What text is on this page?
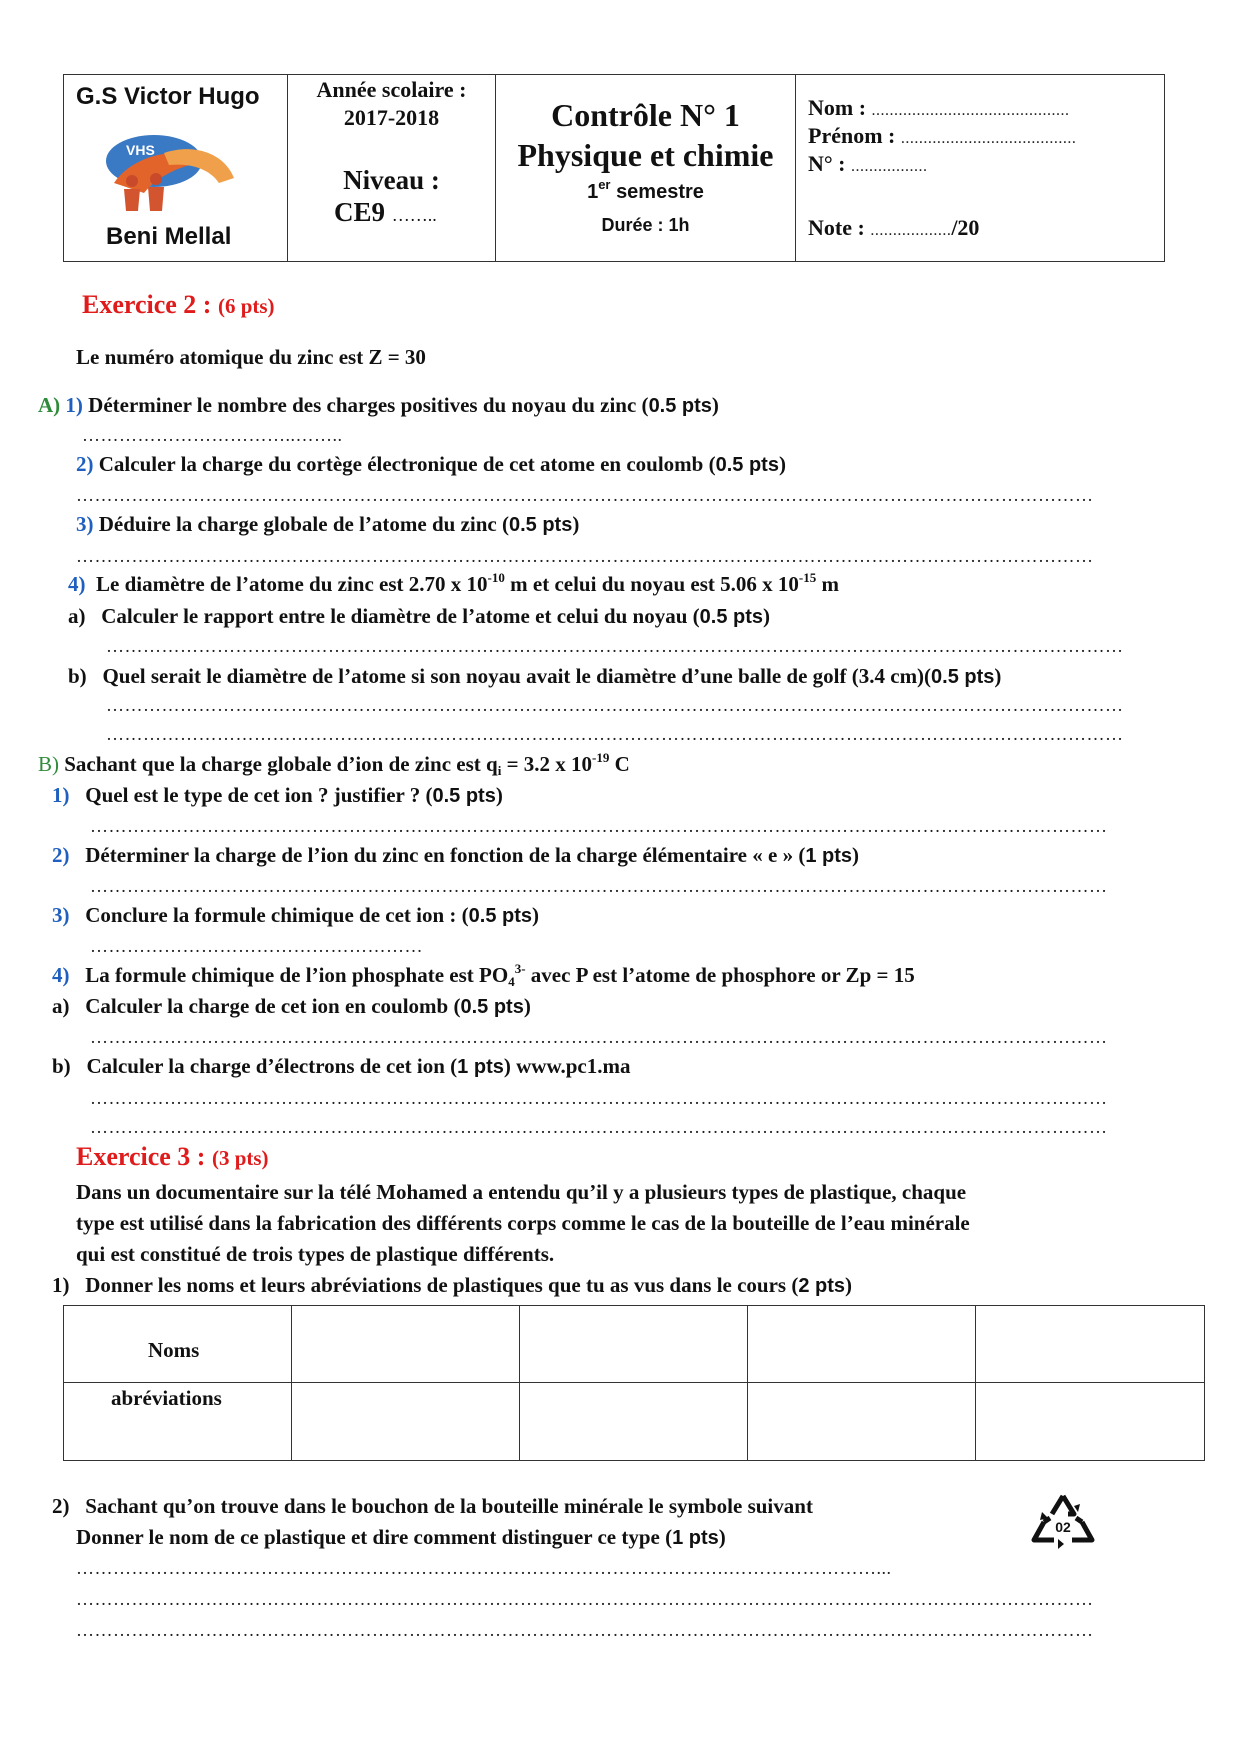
G.S Victor Hugo
VHS
Beni Mellal
Année scolaire :
2017-2018
Niveau :
CE9 ……..
Contrôle N° 1
Physique et chimie
1er semestre
Durée : 1h
Nom : ............................................
Prénom : .......................................
N° : .................
Note : ................../20
Exercice 2 : (6 pts)
Le numéro atomique du zinc est Z = 30
A) 1) Déterminer le nombre des charges positives du noyau du zinc (0.5 pts)
……………………………..……..
2) Calculer la charge du cortège électronique de cet atome en coulomb (0.5 pts)
…………………………………………………………………………………………………………………………………………………
3) Déduire la charge globale de l’atome du zinc (0.5 pts)
…………………………………………………………………………………………………………………………………………………
4) Le diamètre de l’atome du zinc est 2.70 x $10^{-10}$ m et celui du noyau est 5.06 x $10^{-15}$ m
a) Calculer le rapport entre le diamètre de l’atome et celui du noyau (0.5 pts)
…………………………………………………………………………………………………………………………………………………
b) Quel serait le diamètre de l’atome si son noyau avait le diamètre d’une balle de golf (3.4 cm)(0.5 pts)
…………………………………………………………………………………………………………………………………………………
…………………………………………………………………………………………………………………………………………………
B) Sachant que la charge globale d’ion de zinc est $q_i = 3.2$ x $10^{-19}$ C
1) Quel est le type de cet ion ? justifier ? (0.5 pts)
…………………………………………………………………………………………………………………………………………………
2) Déterminer la charge de l’ion du zinc en fonction de la charge élémentaire « e » (1 pts)
…………………………………………………………………………………………………………………………………………………
3) Conclure la formule chimique de cet ion : (0.5 pts)
………………………………………………
4) La formule chimique de l’ion phosphate est $PO_4^{3-}$ avec P est l’atome de phosphore or Zp = 15
a) Calculer la charge de cet ion en coulomb (0.5 pts)
…………………………………………………………………………………………………………………………………………………
b) Calculer la charge d’électrons de cet ion (1 pts) www.pc1.ma
…………………………………………………………………………………………………………………………………………………
…………………………………………………………………………………………………………………………………………………
Exercice 3 : (3 pts)
Dans un documentaire sur la télé Mohamed a entendu qu’il y a plusieurs types de plastique, chaque
type est utilisé dans la fabrication des différents corps comme le cas de la bouteille de l’eau minérale
qui est constitué de trois types de plastique différents.
1) Donner les noms et leurs abréviations de plastiques que tu as vus dans le cours (2 pts)
Noms
abréviations
2) Sachant qu’on trouve dans le bouchon de la bouteille minérale le symbole suivant
Donner le nom de ce plastique et dire comment distinguer ce type (1 pts)	02
…………………………………………………………………………………………….……………………...
…………………………………………………………………………………………………………………………………………………
…………………………………………………………………………………………………………………………………………………
